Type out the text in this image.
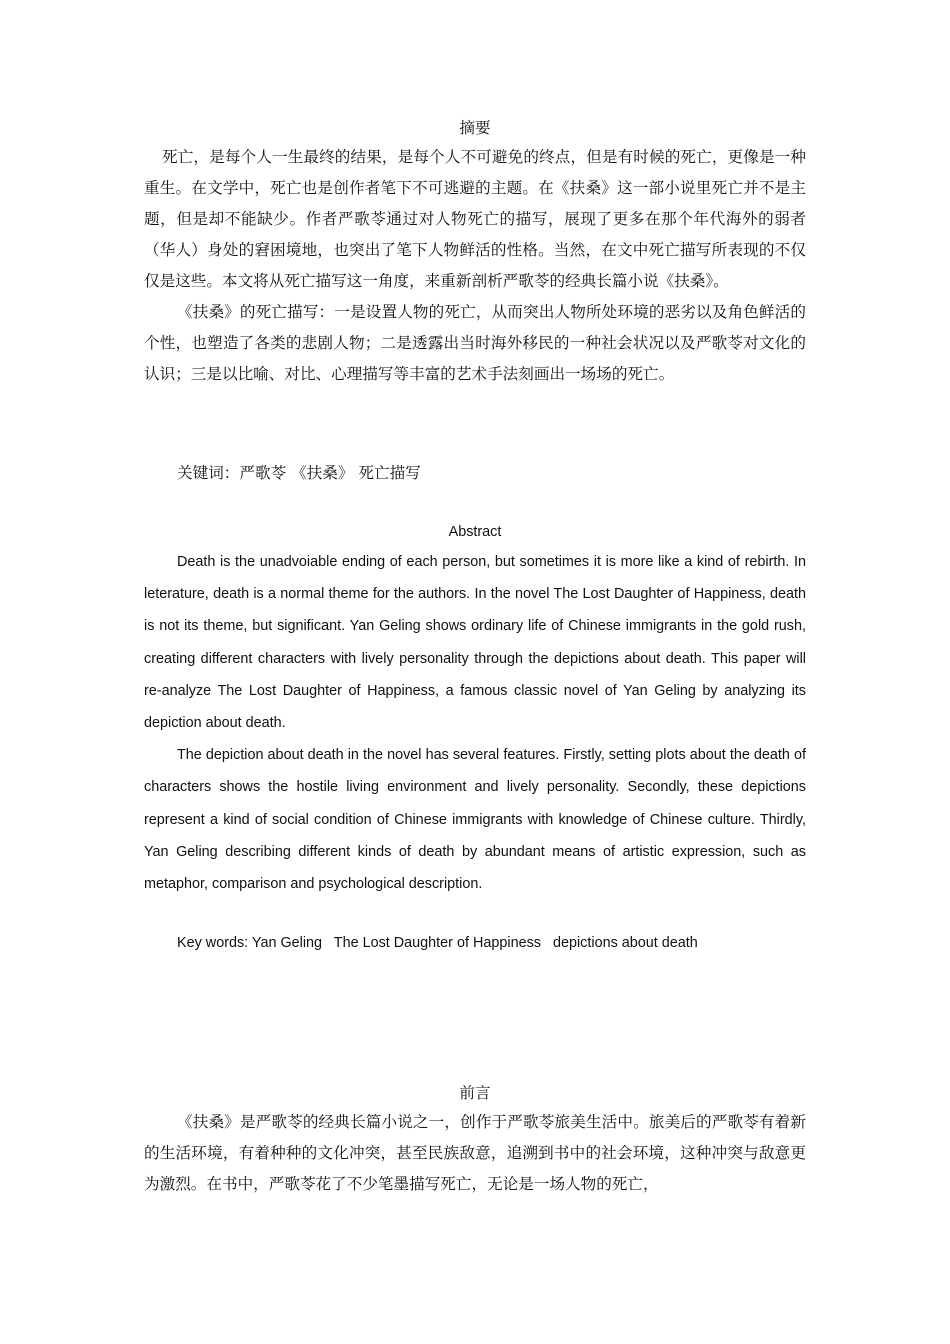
摘要

死亡，是每个人一生最终的结果，是每个人不可避免的终点，但是有时候的死亡，更像是一种重生。在文学中，死亡也是创作者笔下不可逃避的主题。在《扶桑》这一部小说里死亡并不是主题，但是却不能缺少。作者严歌苓通过对人物死亡的描写，展现了更多在那个年代海外的弱者（华人）身处的窘困境地，也突出了笔下人物鲜活的性格。当然，在文中死亡描写所表现的不仅仅是这些。本文将从死亡描写这一角度，来重新剖析严歌苓的经典长篇小说《扶桑》。

《扶桑》的死亡描写：一是设置人物的死亡，从而突出人物所处环境的恶劣以及角色鲜活的个性，也塑造了各类的悲剧人物；二是透露出当时海外移民的一种社会状况以及严歌苓对文化的认识；三是以比喻、对比、心理描写等丰富的艺术手法刻画出一场场的死亡。

关键词：严歌苓 《扶桑》 死亡描写
Abstract

Death is the unadvoiable ending of each person, but sometimes it is more like a kind of rebirth. In leterature, death is a normal theme for the authors. In the novel The Lost Daughter of Happiness, death is not its theme, but significant. Yan Geling shows ordinary life of Chinese immigrants in the gold rush, creating different characters with lively personality through the depictions about death. This paper will re-analyze The Lost Daughter of Happiness, a famous classic novel of Yan Geling by analyzing its depiction about death.

The depiction about death in the novel has several features. Firstly, setting plots about the death of characters shows the hostile living environment and lively personality. Secondly, these depictions represent a kind of social condition of Chinese immigrants with knowledge of Chinese culture. Thirdly, Yan Geling describing different kinds of death by abundant means of artistic expression, such as metaphor, comparison and psychological description.

Key words: Yan Geling   The Lost Daughter of Happiness   depictions about death
前言

《扶桑》是严歌苓的经典长篇小说之一，创作于严歌苓旅美生活中。旅美后的严歌苓有着新的生活环境，有着种种的文化冲突，甚至民族敌意，追溯到书中的社会环境，这种冲突与敌意更为激烈。在书中，严歌苓花了不少笔墨描写死亡，无论是一场人物的死亡，
